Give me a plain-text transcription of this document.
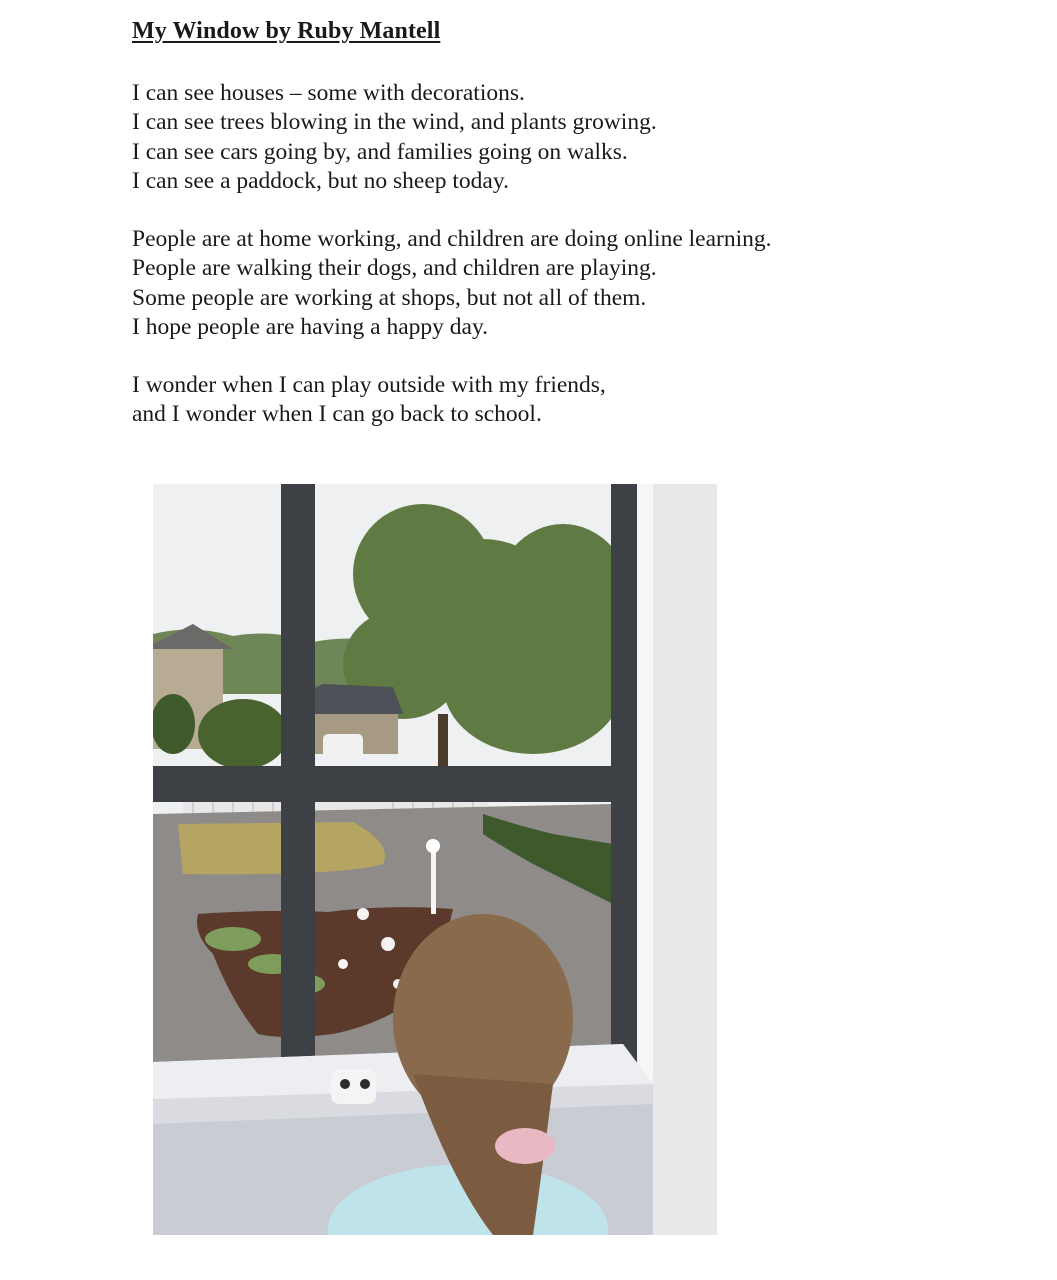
My Window by Ruby Mantell
I can see houses – some with decorations.
I can see trees blowing in the wind, and plants growing.
I can see cars going by, and families going on walks.
I can see a paddock, but no sheep today.
People are at home working, and children are doing online learning.
People are walking their dogs, and children are playing.
Some people are working at shops, but not all of them.
I hope people are having a happy day.
I wonder when I can play outside with my friends,
and I wonder when I can go back to school.
